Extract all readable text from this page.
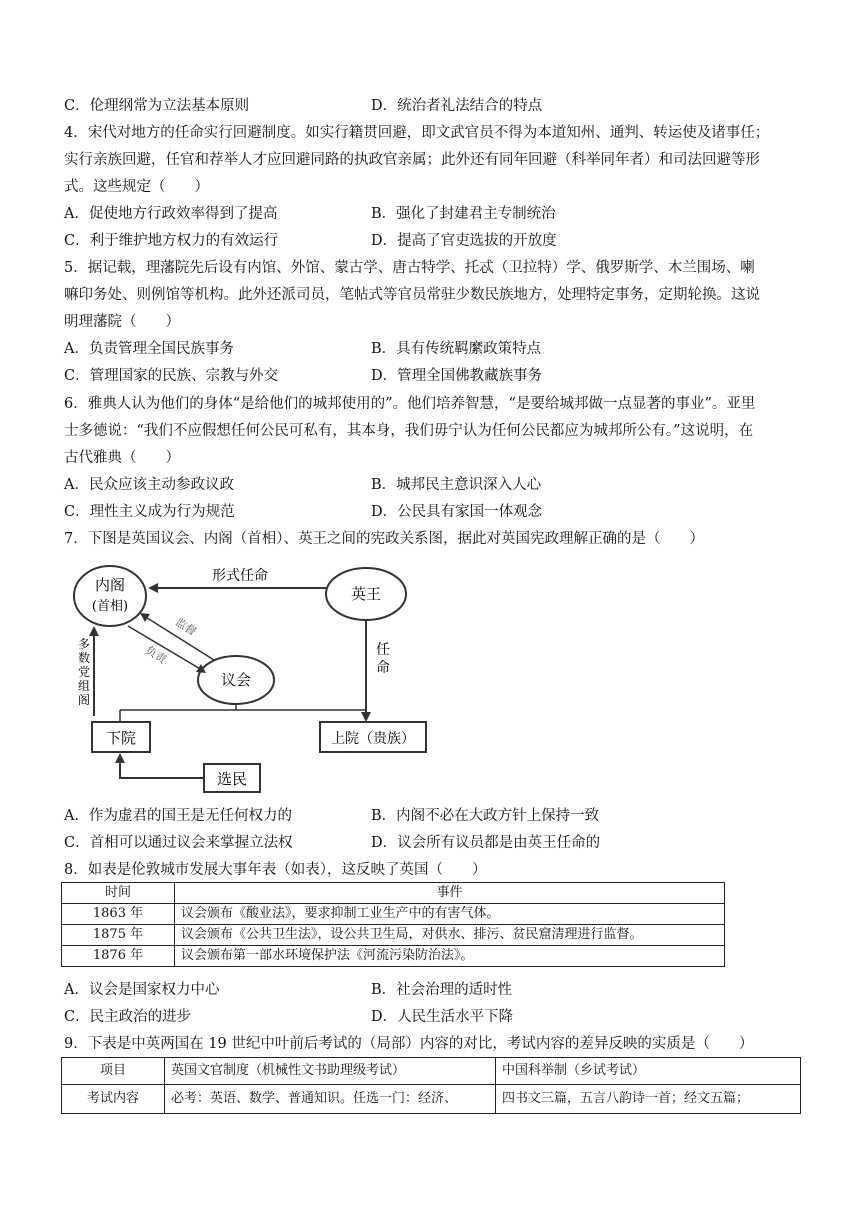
C．伦理纲常为立法基本原则	D．统治者礼法结合的特点
4．宋代对地方的任命实行回避制度。如实行籍贯回避，即文武官员不得为本道知州、通判、转运使及诸事任；
实行亲族回避，任官和荐举人才应回避同路的执政官亲属；此外还有同年回避（科举同年者）和司法回避等形
式。这些规定（　　）
A．促使地方行政效率得到了提高	B．强化了封建君主专制统治
C．利于维护地方权力的有效运行	D．提高了官吏选拔的开放度
5．据记载，理藩院先后设有内馆、外馆、蒙古学、唐古特学、托忒（卫拉特）学、俄罗斯学、木兰围场、喇
嘛印务处、则例馆等机构。此外还派司员，笔帖式等官员常驻少数民族地方，处理特定事务，定期轮换。这说
明理藩院（　　）
A．负责管理全国民族事务	B．具有传统羁縻政策特点
C．管理国家的民族、宗教与外交	D．管理全国佛教藏族事务
6．雅典人认为他们的身体“是给他们的城邦使用的”。他们培养智慧，“是要给城邦做一点显著的事业”。亚里
士多德说：“我们不应假想任何公民可私有，其本身，我们毋宁认为任何公民都应为城邦所公有。”这说明，在
古代雅典（　　）
A．民众应该主动参政议政	B．城邦民主意识深入人心
C．理性主义成为行为规范	D．公民具有家国一体观念
7．下图是英国议会、内阁（首相）、英王之间的宪政关系图，据此对英国宪政理解正确的是（　　）
内阁
(首相)
英王
形式任命
议会
监督
负责	任
命
多
数
党
组
阁
下院	上院（贵族）
选民
A．作为虚君的国王是无任何权力的	B．内阁不必在大政方针上保持一致
C．首相可以通过议会来掌握立法权	D．议会所有议员都是由英王任命的
8．如表是伦敦城市发展大事年表（如表），这反映了英国（　　）
时间	事件
1863 年	议会颁布《酸业法》，要求抑制工业生产中的有害气体。
1875 年	议会颁布《公共卫生法》，设公共卫生局，对供水、排污、贫民窟清理进行监督。
1876 年	议会颁布第一部水环境保护法《河流污染防治法》。
A．议会是国家权力中心	B．社会治理的适时性
C．民主政治的进步	D．人民生活水平下降
9．下表是中英两国在 19 世纪中叶前后考试的（局部）内容的对比，考试内容的差异反映的实质是（　　）
项目	英国文官制度（机械性文书助理级考试）	中国科举制（乡试考试）
考试内容	必考：英语、数学、普通知识。任选一门：经济、	四书文三篇，五言八韵诗一首；经文五篇；
